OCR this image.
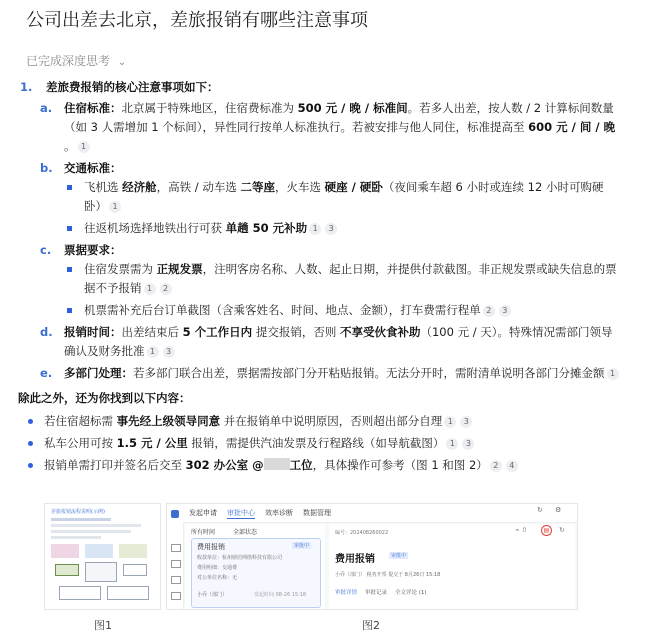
公司出差去北京，差旅报销有哪些注意事项
已完成深度思考 ⌄
1. 差旅费报销的核心注意事项如下：
a. 住宿标准：北京属于特殊地区，住宿费标准为 500 元 / 晚 / 标准间。若多人出差，按人数 / 2 计算标间数量
（如 3 人需增加 1 个标间），异性同行按单人标准执行。若被安排与他人同住，标准提高至 600 元 / 间 / 晚
。 1
b. 交通标准：
飞机选 经济舱，高铁 / 动车选 二等座，火车选 硬座 / 硬卧（夜间乘车超 6 小时或连续 12 小时可购硬
卧） 1
往返机场选择地铁出行可获 单趟 50 元补助 1 3
c. 票据要求：
住宿发票需为 正规发票，注明客房名称、人数、起止日期，并提供付款截图。非正规发票或缺失信息的票
据不予报销 1 2
机票需补充后台订单截图（含乘客姓名、时间、地点、金额），打车费需行程单 2 3
d. 报销时间：出差结束后 5 个工作日内 提交报销，否则 不享受伙食补助（100 元 / 天）。特殊情况需部门领导
确认及财务批准 1 3
e. 多部门处理：若多部门联合出差，票据需按部门分开粘贴报销。无法分开时，需附清单说明各部门分摊金额 1
除此之外，还为你找到以下内容：
若住宿超标需 事先经上级领导同意 并在报销单中说明原因，否则超出部分自理 1 3
私车公用可按 1.5 元 / 公里 报销，需提供汽油发票及行程路线（如导航截图） 1 3
报销单需打印并签名后交至 302 办公室 @ 工位，具体操作可参考（图 1 和图 2） 2 4
差旅报销流程说明(示例)
图1
发起申请 审批中心 效率诊断 数据管理	↻ ⚙
所有时间	全部状态
费用报销	审批中
收款单位：杭州鼎居网络科技有限公司
费用明细：交通费
对公单位名称：无
小乔（部门）	发起时间 08-26 15:18
编号：202408260022	⌁ ⇧	▤	↻
费用报销	审批中
小乔（部门） 税务开票 提交于 8月26日 15:18
审批详情 审批记录 全文评论 (1)
图2
